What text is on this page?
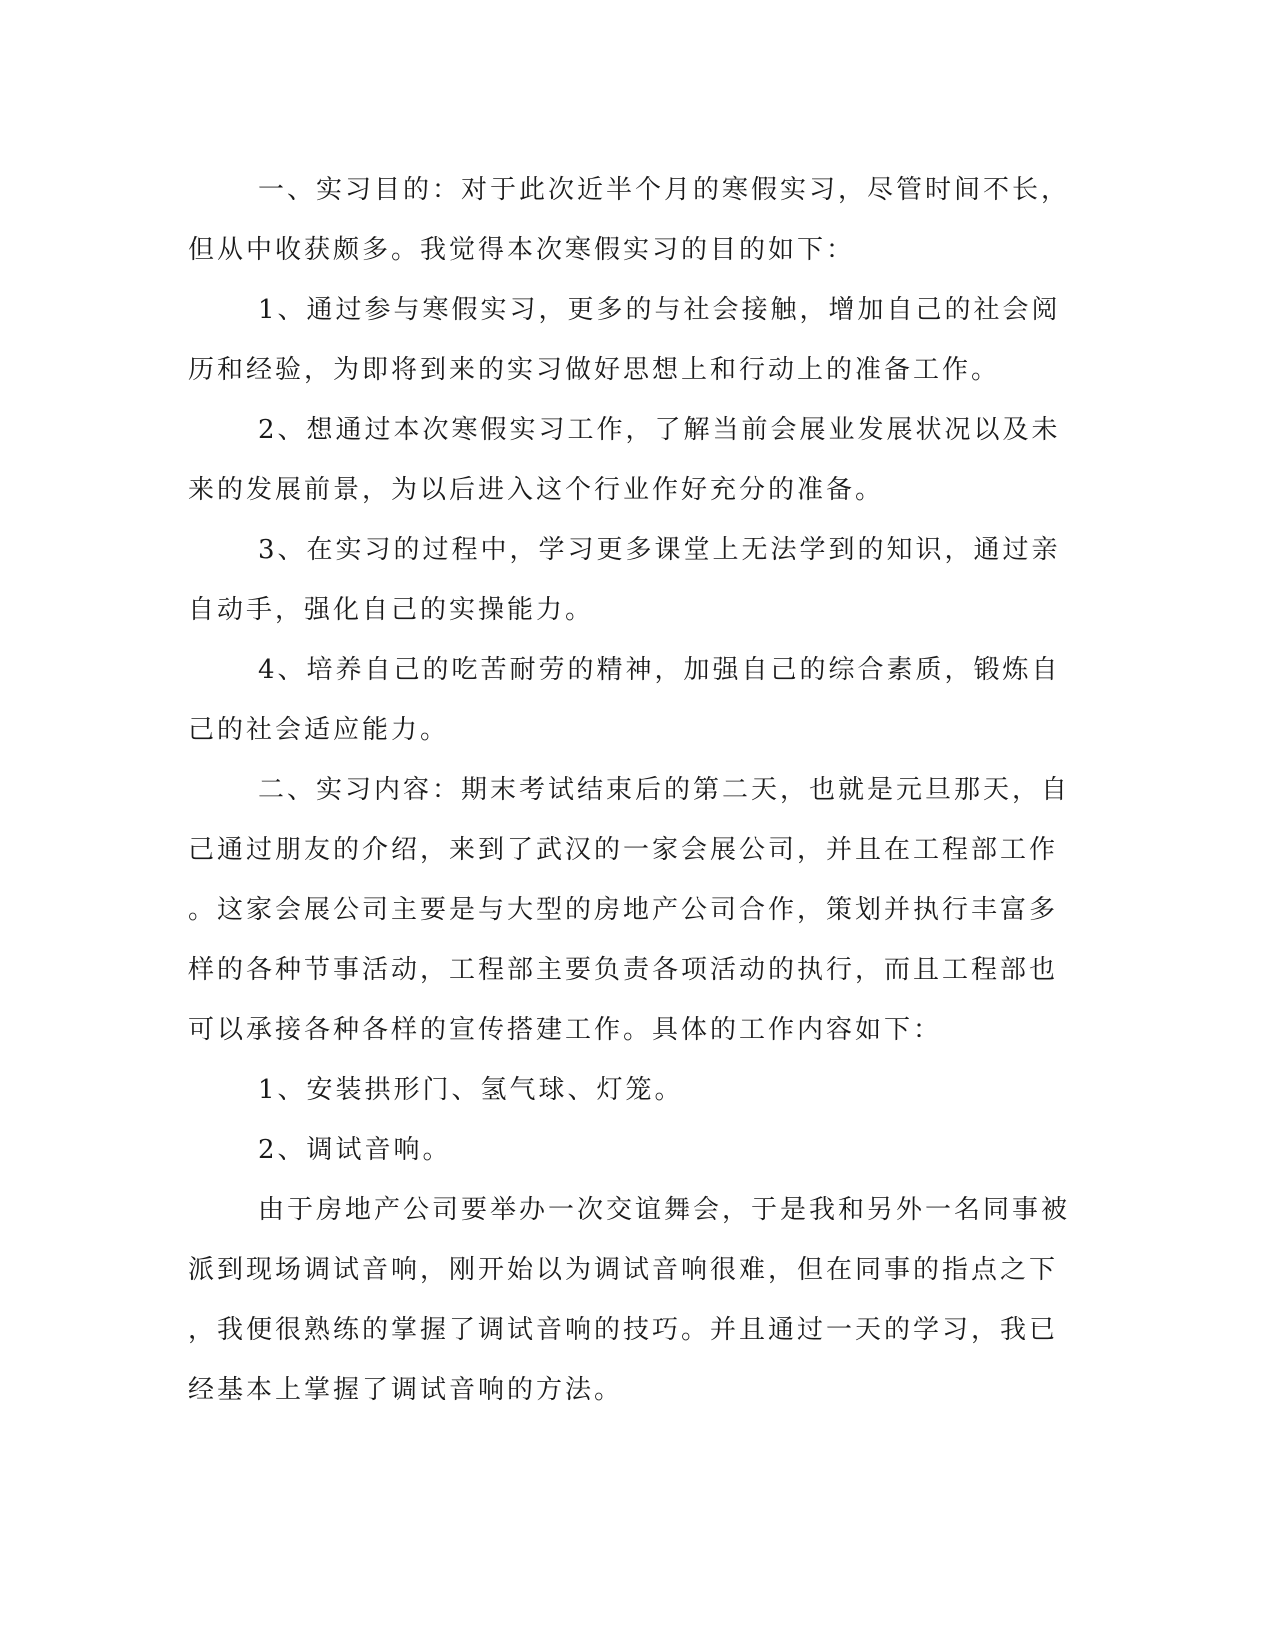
一、实习目的：对于此次近半个月的寒假实习，尽管时间不长，
但从中收获颇多。我觉得本次寒假实习的目的如下：
1、通过参与寒假实习，更多的与社会接触，增加自己的社会阅
历和经验，为即将到来的实习做好思想上和行动上的准备工作。
2、想通过本次寒假实习工作，了解当前会展业发展状况以及未
来的发展前景，为以后进入这个行业作好充分的准备。
3、在实习的过程中，学习更多课堂上无法学到的知识，通过亲
自动手，强化自己的实操能力。
4、培养自己的吃苦耐劳的精神，加强自己的综合素质，锻炼自
己的社会适应能力。
二、实习内容：期末考试结束后的第二天，也就是元旦那天，自
己通过朋友的介绍，来到了武汉的一家会展公司，并且在工程部工作
。这家会展公司主要是与大型的房地产公司合作，策划并执行丰富多
样的各种节事活动，工程部主要负责各项活动的执行，而且工程部也
可以承接各种各样的宣传搭建工作。具体的工作内容如下：
1、安装拱形门、氢气球、灯笼。
2、调试音响。
由于房地产公司要举办一次交谊舞会，于是我和另外一名同事被
派到现场调试音响，刚开始以为调试音响很难，但在同事的指点之下
，我便很熟练的掌握了调试音响的技巧。并且通过一天的学习，我已
经基本上掌握了调试音响的方法。
